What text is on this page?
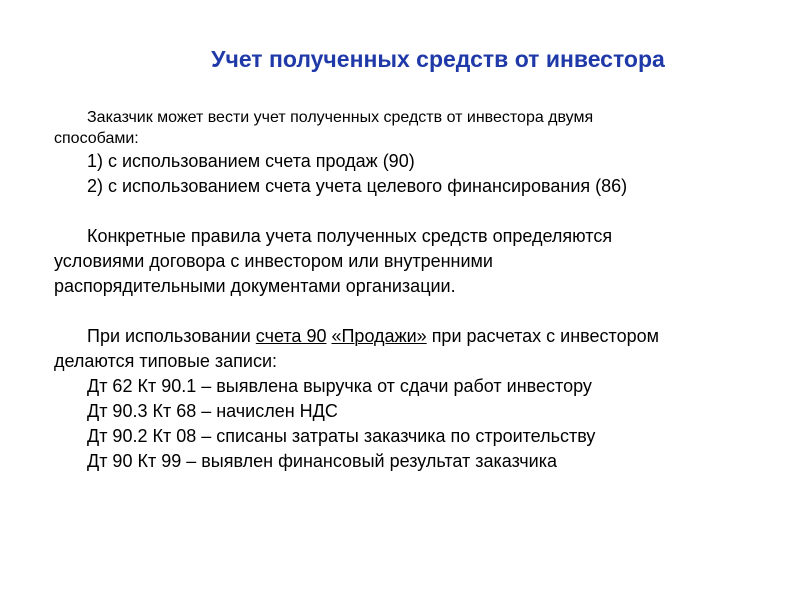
Учет полученных средств от инвестора
Заказчик может вести учет полученных средств от инвестора двумя
способами:
1) с использованием счета продаж (90)
2) с использованием счета учета целевого финансирования (86)
Конкретные правила учета полученных средств определяются
условиями договора с инвестором или внутренними
распорядительными документами организации.
При использовании счета 90 «Продажи» при расчетах с инвестором
делаются типовые записи:
Дт 62 Кт 90.1 – выявлена выручка от сдачи работ инвестору
Дт 90.3 Кт 68 – начислен НДС
Дт 90.2 Кт 08 – списаны затраты заказчика по строительству
Дт 90 Кт 99 – выявлен финансовый результат заказчика
